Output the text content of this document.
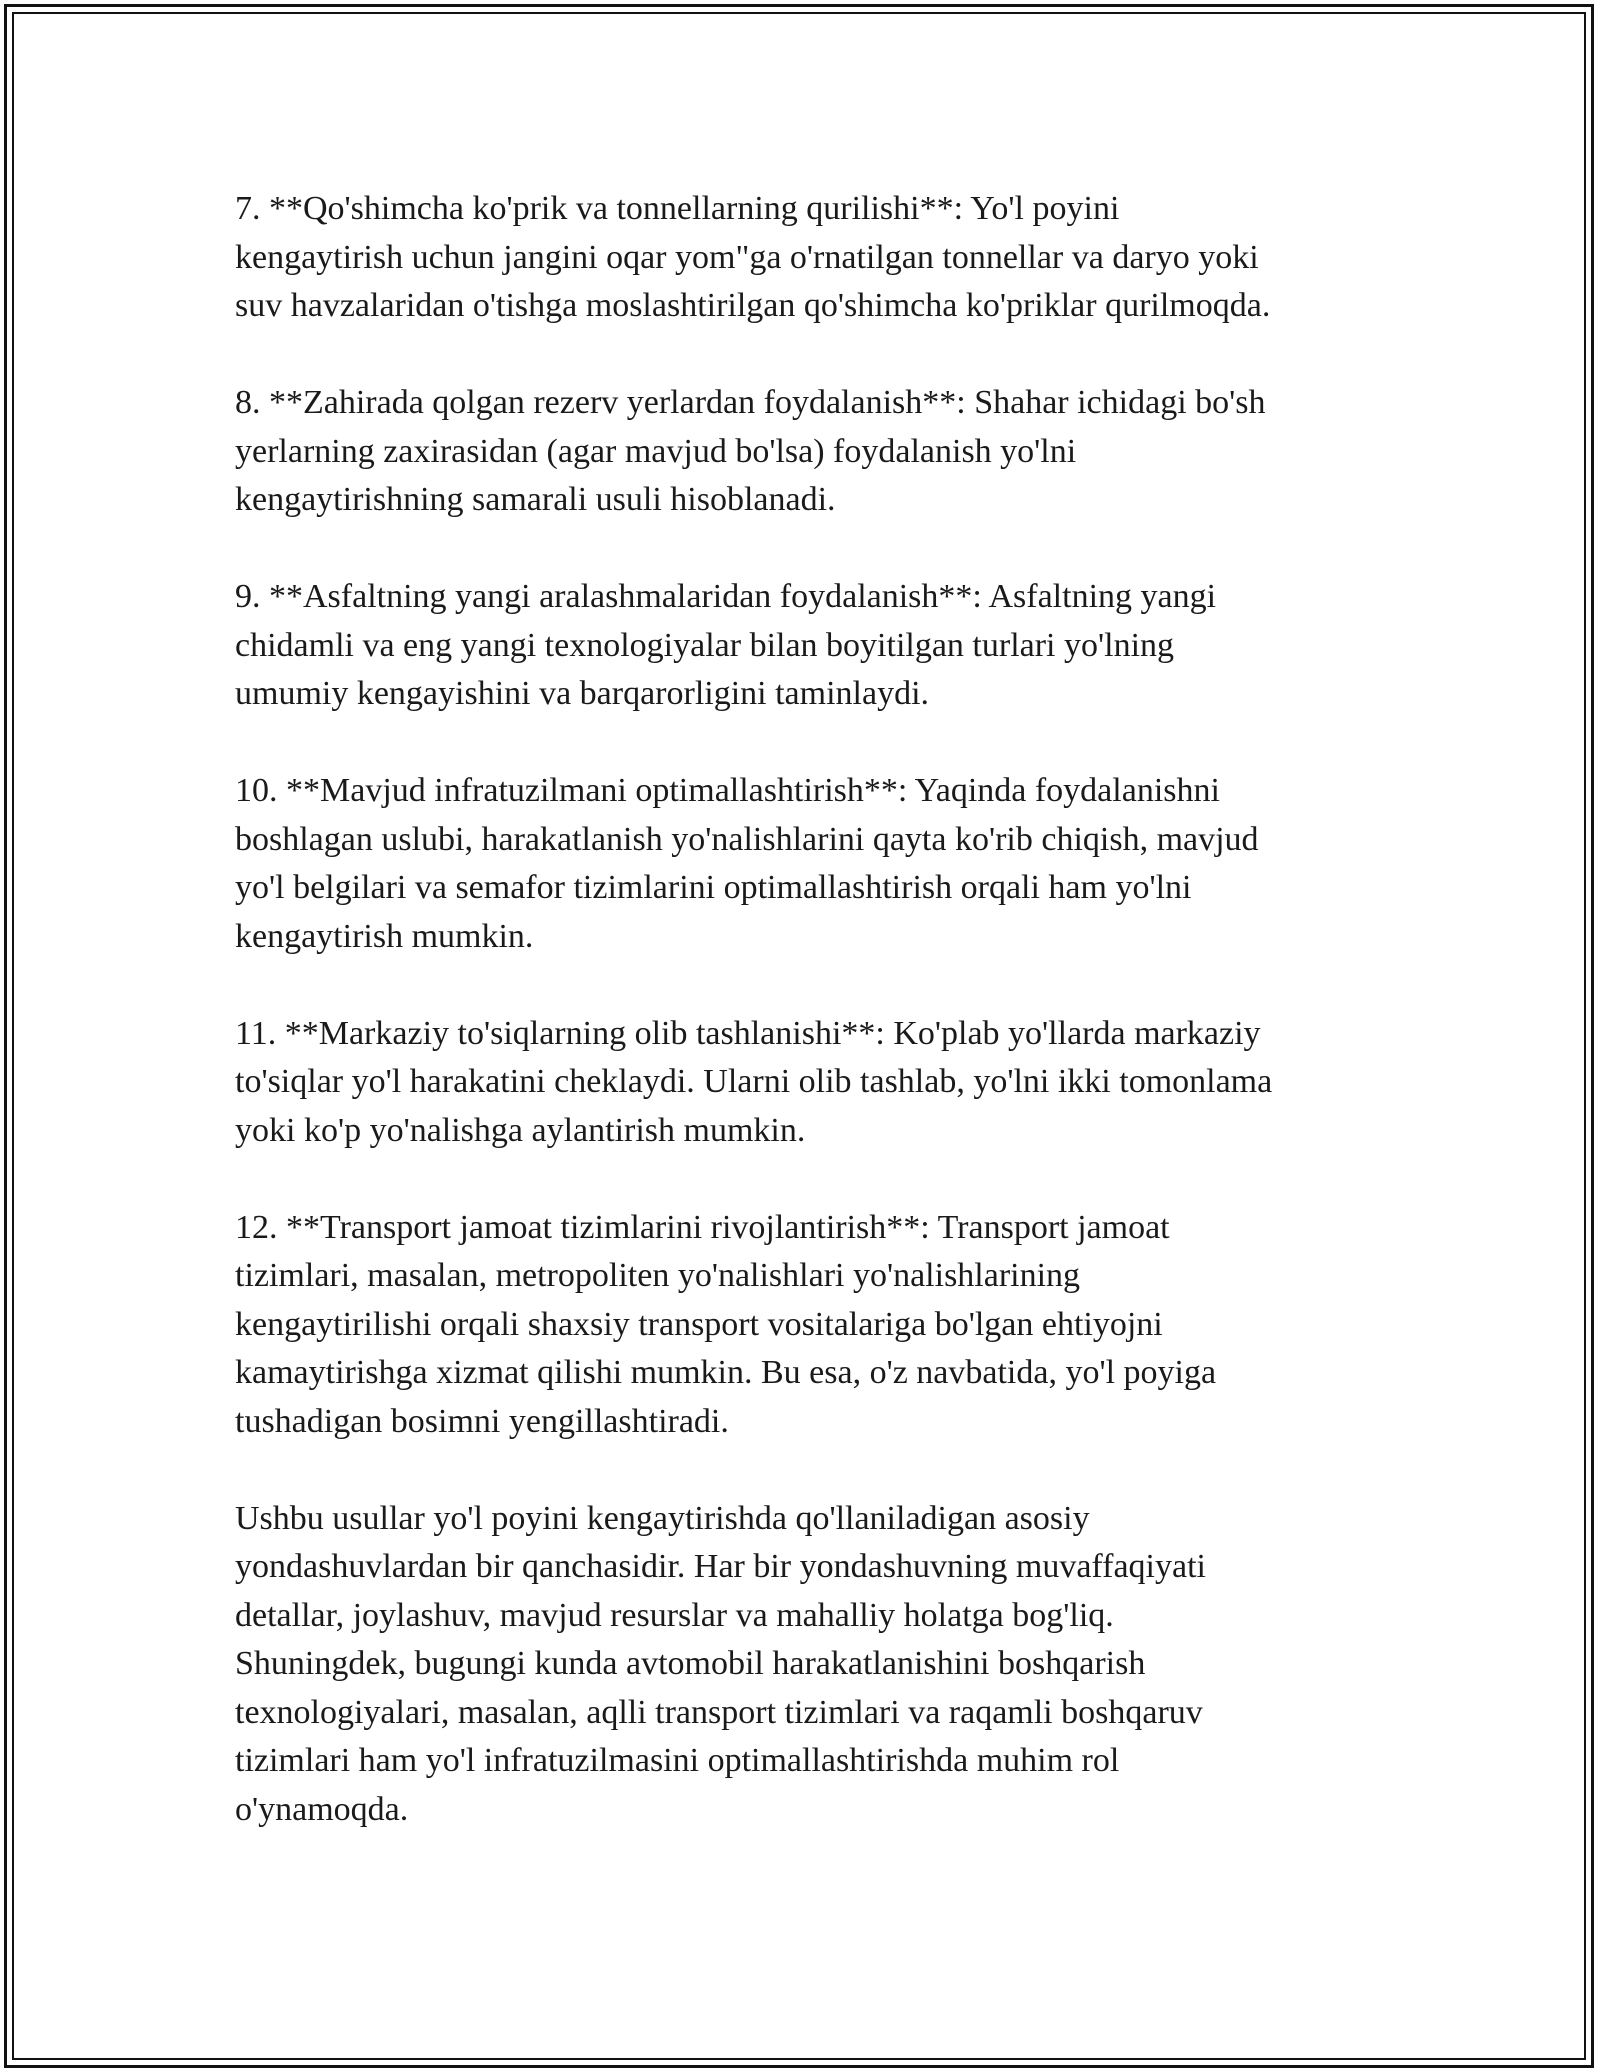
7. **Qo'shimcha ko'prik va tonnellarning qurilishi**: Yo'l poyini
kengaytirish uchun jangini oqar yom"ga o'rnatilgan tonnellar va daryo yoki
suv havzalaridan o'tishga moslashtirilgan qo'shimcha ko'priklar qurilmoqda.

8. **Zahirada qolgan rezerv yerlardan foydalanish**: Shahar ichidagi bo'sh
yerlarning zaxirasidan (agar mavjud bo'lsa) foydalanish yo'lni
kengaytirishning samarali usuli hisoblanadi.

9. **Asfaltning yangi aralashmalaridan foydalanish**: Asfaltning yangi
chidamli va eng yangi texnologiyalar bilan boyitilgan turlari yo'lning
umumiy kengayishini va barqarorligini taminlaydi.

10. **Mavjud infratuzilmani optimallashtirish**: Yaqinda foydalanishni
boshlagan uslubi, harakatlanish yo'nalishlarini qayta ko'rib chiqish, mavjud
yo'l belgilari va semafor tizimlarini optimallashtirish orqali ham yo'lni
kengaytirish mumkin.

11. **Markaziy to'siqlarning olib tashlanishi**: Ko'plab yo'llarda markaziy
to'siqlar yo'l harakatini cheklaydi. Ularni olib tashlab, yo'lni ikki tomonlama
yoki ko'p yo'nalishga aylantirish mumkin.

12. **Transport jamoat tizimlarini rivojlantirish**: Transport jamoat
tizimlari, masalan, metropoliten yo'nalishlari yo'nalishlarining
kengaytirilishi orqali shaxsiy transport vositalariga bo'lgan ehtiyojni
kamaytirishga xizmat qilishi mumkin. Bu esa, o'z navbatida, yo'l poyiga
tushadigan bosimni yengillashtiradi.

Ushbu usullar yo'l poyini kengaytirishda qo'llaniladigan asosiy
yondashuvlardan bir qanchasidir. Har bir yondashuvning muvaffaqiyati
detallar, joylashuv, mavjud resurslar va mahalliy holatga bog'liq.
Shuningdek, bugungi kunda avtomobil harakatlanishini boshqarish
texnologiyalari, masalan, aqlli transport tizimlari va raqamli boshqaruv
tizimlari ham yo'l infratuzilmasini optimallashtirishda muhim rol
o'ynamoqda.
